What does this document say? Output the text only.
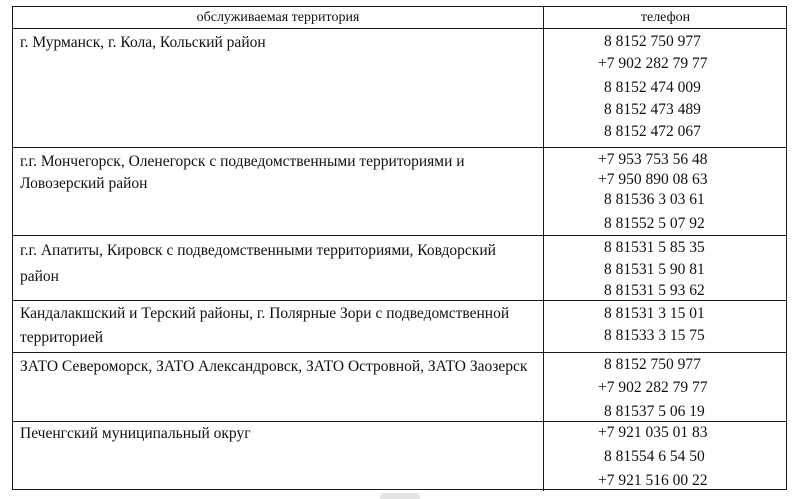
обслуживаемая территория	телефон
г. Мурманск, г. Кола, Кольский район	8 8152 750 977
+7 902 282 79 77
8 8152 474 009
8 8152 473 489
8 8152 472 067
г.г. Мончегорск, Оленегорск с подведомственными территориями и Ловозерский район
+7 953 753 56 48
+7 950 890 08 63
8 81536 3 03 61
8 81552 5 07 92
г.г. Апатиты, Кировск с подведомственными территориями, Ковдорский район
8 81531 5 85 35
8 81531 5 90 81
8 81531 5 93 62
Кандалакшский и Терский районы, г. Полярные Зори с подведомственной территорией
8 81531 3 15 01
8 81533 3 15 75
ЗАТО Североморск, ЗАТО Александровск, ЗАТО Островной, ЗАТО Заозерск	8 8152 750 977
+7 902 282 79 77
8 81537 5 06 19
Печенгский муниципальный округ	+7 921 035 01 83
8 81554 6 54 50
+7 921 516 00 22
